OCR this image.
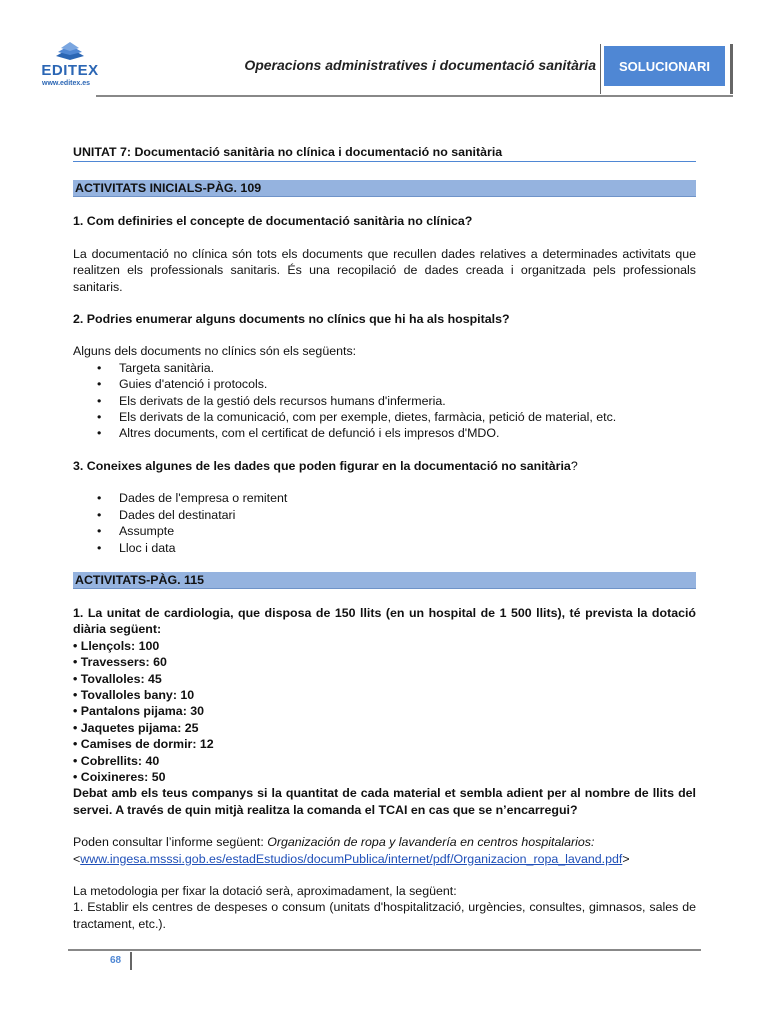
EDITEX
www.editex.es
Operacions administratives i documentació sanitària	SOLUCIONARI
UNITAT 7: Documentació sanitària no clínica i documentació no sanitària
ACTIVITATS INICIALS-PÀG. 109

1. Com definiries el concepte de documentació sanitària no clínica?

La documentació no clínica són tots els documents que recullen dades relatives a determinades activitats que realitzen els professionals sanitaris. És una recopilació de dades creada i organitzada pels professionals sanitaris.

2. Podries enumerar alguns documents no clínics que hi ha als hospitals?

Alguns dels documents no clínics són els següents:

• Targeta sanitària.
• Guies d'atenció i protocols.
• Els derivats de la gestió dels recursos humans d'infermeria.
• Els derivats de la comunicació, com per exemple, dietes, farmàcia, petició de material, etc.
• Altres documents, com el certificat de defunció i els impresos d'MDO.

3. Coneixes algunes de les dades que poden figurar en la documentació no sanitària?

• Dades de l'empresa o remitent
• Dades del destinatari
• Assumpte
• Lloc i data
ACTIVITATS-PÀG. 115

1. La unitat de cardiologia, que disposa de 150 llits (en un hospital de 1 500 llits), té prevista la dotació diària següent:

• Llençols: 100
• Travessers: 60
• Tovalloles: 45
• Tovalloles bany: 10
• Pantalons pijama: 30
• Jaquetes pijama: 25
• Camises de dormir: 12
• Cobrellits: 40
• Coixineres: 50

Debat amb els teus companys si la quantitat de cada material et sembla adient per al nombre de llits del servei. A través de quin mitjà realitza la comanda el TCAI en cas que se n’encarregui?

Poden consultar l’informe següent: Organización de ropa y lavandería en centros hospitalarios:
<www.ingesa.msssi.gob.es/estadEstudios/documPublica/internet/pdf/Organizacion_ropa_lavand.pdf>

La metodologia per fixar la dotació serà, aproximadament, la següent:

1. Establir els centres de despeses o consum (unitats d'hospitalització, urgències, consultes, gimnasos, sales de tractament, etc.).

68
